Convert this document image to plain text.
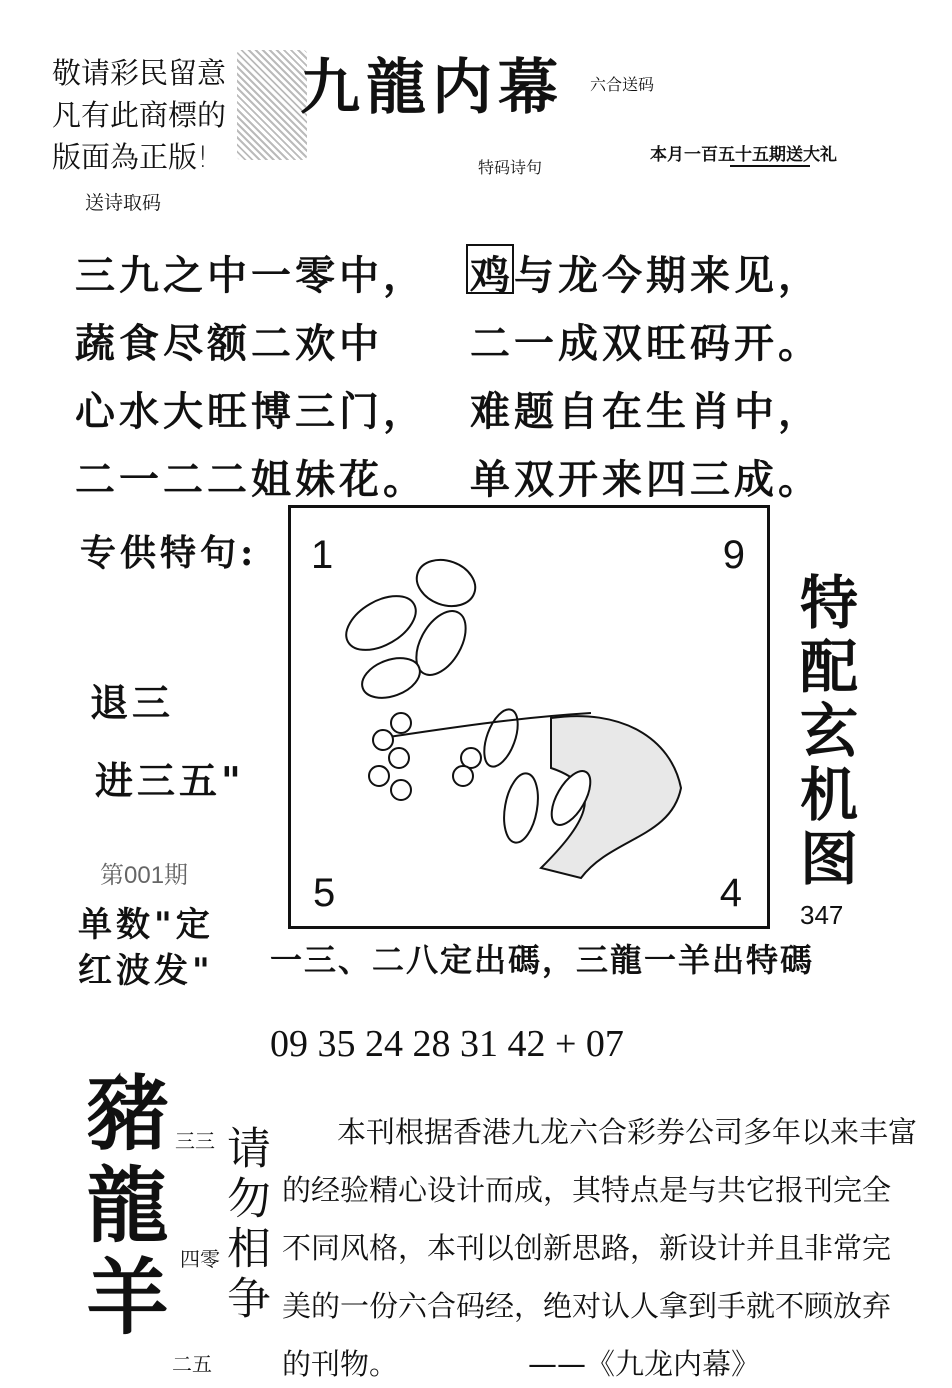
敬请彩民留意
凡有此商標的
版面為正版!
九龍内幕 六合送码
本月一百五十五期送大礼
特码诗句
送诗取码
三九之中一零中，
蔬食尽额二欢中
心水大旺博三门，
二一二二姐妹花。
鸡与龙今期来见，
二一成双旺码开。
难题自在生肖中，
单双开来四三成。
专供特句:
退三
进三五"
第001期
单数"定
红波发"
1	9
5	4
特配玄机图
347
一三、二八定出碼，三龍一羊出特碼
09 35 24 28 31 42 + 07
豬龍羊 三三
四零
二五
请勿相争	本刊根据香港九龙六合彩券公司多年以来丰富
的经验精心设计而成，其特点是与共它报刊完全
不同风格，本刊以创新思路，新设计并且非常完
美的一份六合码经，绝对认人拿到手就不顾放弃
的刊物。	——《九龙内幕》
